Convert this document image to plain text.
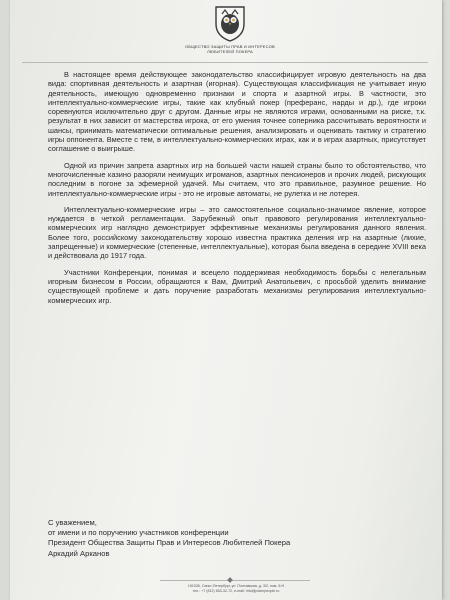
ОБЩЕСТВО ЗАЩИТЫ ПРАВ И ИНТЕРЕСОВ
ЛЮБИТЕЛЕЙ ПОКЕРА

В настоящее время действующее законодательство классифицирует игровую деятельность на два вида: спортивная деятельность и азартная (игорная). Существующая классификация не учитывает иную деятельность, имеющую одновременно признаки и спорта и азартной игры. В частности, это интеллектуально-коммерческие игры, такие как клубный покер (преферанс, нарды и др.), где игроки соревнуются исключительно друг с другом. Данные игры не являются играми, основанными на риске, т.к. результат в них зависит от мастерства игрока, от его умения точнее соперника рассчитывать вероятности и шансы, принимать математически оптимальные решения, анализировать и оценивать тактику и стратегию игры оппонента. Вместе с тем, в интеллектуально-коммерческих играх, как и в играх азартных, присутствует соглашение о выигрыше.

Одной из причин запрета азартных игр на большей части нашей страны было то обстоятельство, что многочисленные казино разоряли неимущих игроманов, азартных пенсионеров и прочих людей, рискующих последним в погоне за эфемерной удачей. Мы считаем, что это правильное, разумное решение. Но интеллектуально-коммерческие игры - это не игровые автоматы, не рулетка и не лотерея.

Интеллектуально-коммерческие игры – это самостоятельное социально-значимое явление, которое нуждается в четкой регламентации. Зарубежный опыт правового регулирования интеллектуально-коммерческих игр наглядно демонстрирует эффективные механизмы регулирования данного явления. Более того, российскому законодательству хорошо известна практика деления игр на азартные (лихие, запрещенные) и коммерческие (степенные, интеллектуальные), которая была введена в середине XVIII века и действовала до 1917 года.

Участники Конференции, понимая и всецело поддерживая необходимость борьбы с нелегальным игорным бизнесом в России, обращаются к Вам, Дмитрий Анатольевич, с просьбой уделить внимание существующей проблеме и дать поручение разработать механизмы регулирования интеллектуально-коммерческих игр.

С уважением,
от имени и по поручению участников конференции
Президент Общества Защиты Прав и Интересов Любителей Покера
Аркадий Арканов
191036, Санкт-Петербург, ул. Полтавская, д. 3/2, пом. 5-Н
тел.: +7 (812) 653-32-72, e-mail: info@pokerpeople.ru
